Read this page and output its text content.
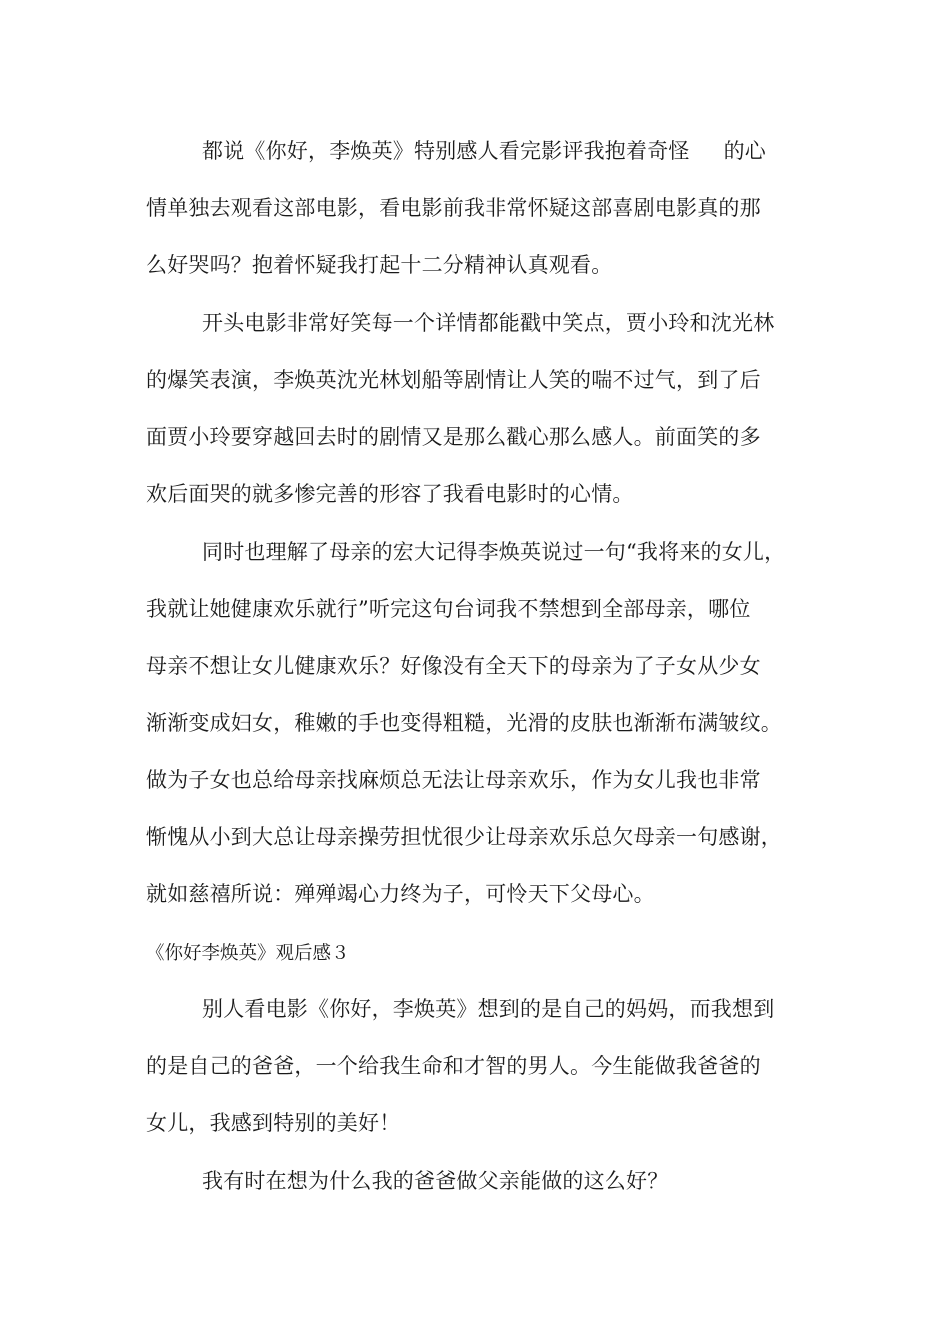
都说《你好，李焕英》特别感人看完影评我抱着奇怪 的心

情单独去观看这部电影，看电影前我非常怀疑这部喜剧电影真的那

么好哭吗？抱着怀疑我打起十二分精神认真观看。

开头电影非常好笑每一个详情都能戳中笑点，贾小玲和沈光林

的爆笑表演，李焕英沈光林划船等剧情让人笑的喘不过气，到了后

面贾小玲要穿越回去时的剧情又是那么戳心那么感人。前面笑的多

欢后面哭的就多惨完善的形容了我看电影时的心情。

同时也理解了母亲的宏大记得李焕英说过一句“我将来的女儿，

我就让她健康欢乐就行”听完这句台词我不禁想到全部母亲，哪位

母亲不想让女儿健康欢乐？好像没有全天下的母亲为了子女从少女

渐渐变成妇女，稚嫩的手也变得粗糙，光滑的皮肤也渐渐布满皱纹。

做为子女也总给母亲找麻烦总无法让母亲欢乐，作为女儿我也非常

惭愧从小到大总让母亲操劳担忧很少让母亲欢乐总欠母亲一句感谢，

就如慈禧所说：殚殚竭心力终为子，可怜天下父母心。

《你好李焕英》观后感３

别人看电影《你好，李焕英》想到的是自己的妈妈，而我想到

的是自己的爸爸，一个给我生命和才智的男人。今生能做我爸爸的

女儿，我感到特别的美好！

我有时在想为什么我的爸爸做父亲能做的这么好？
